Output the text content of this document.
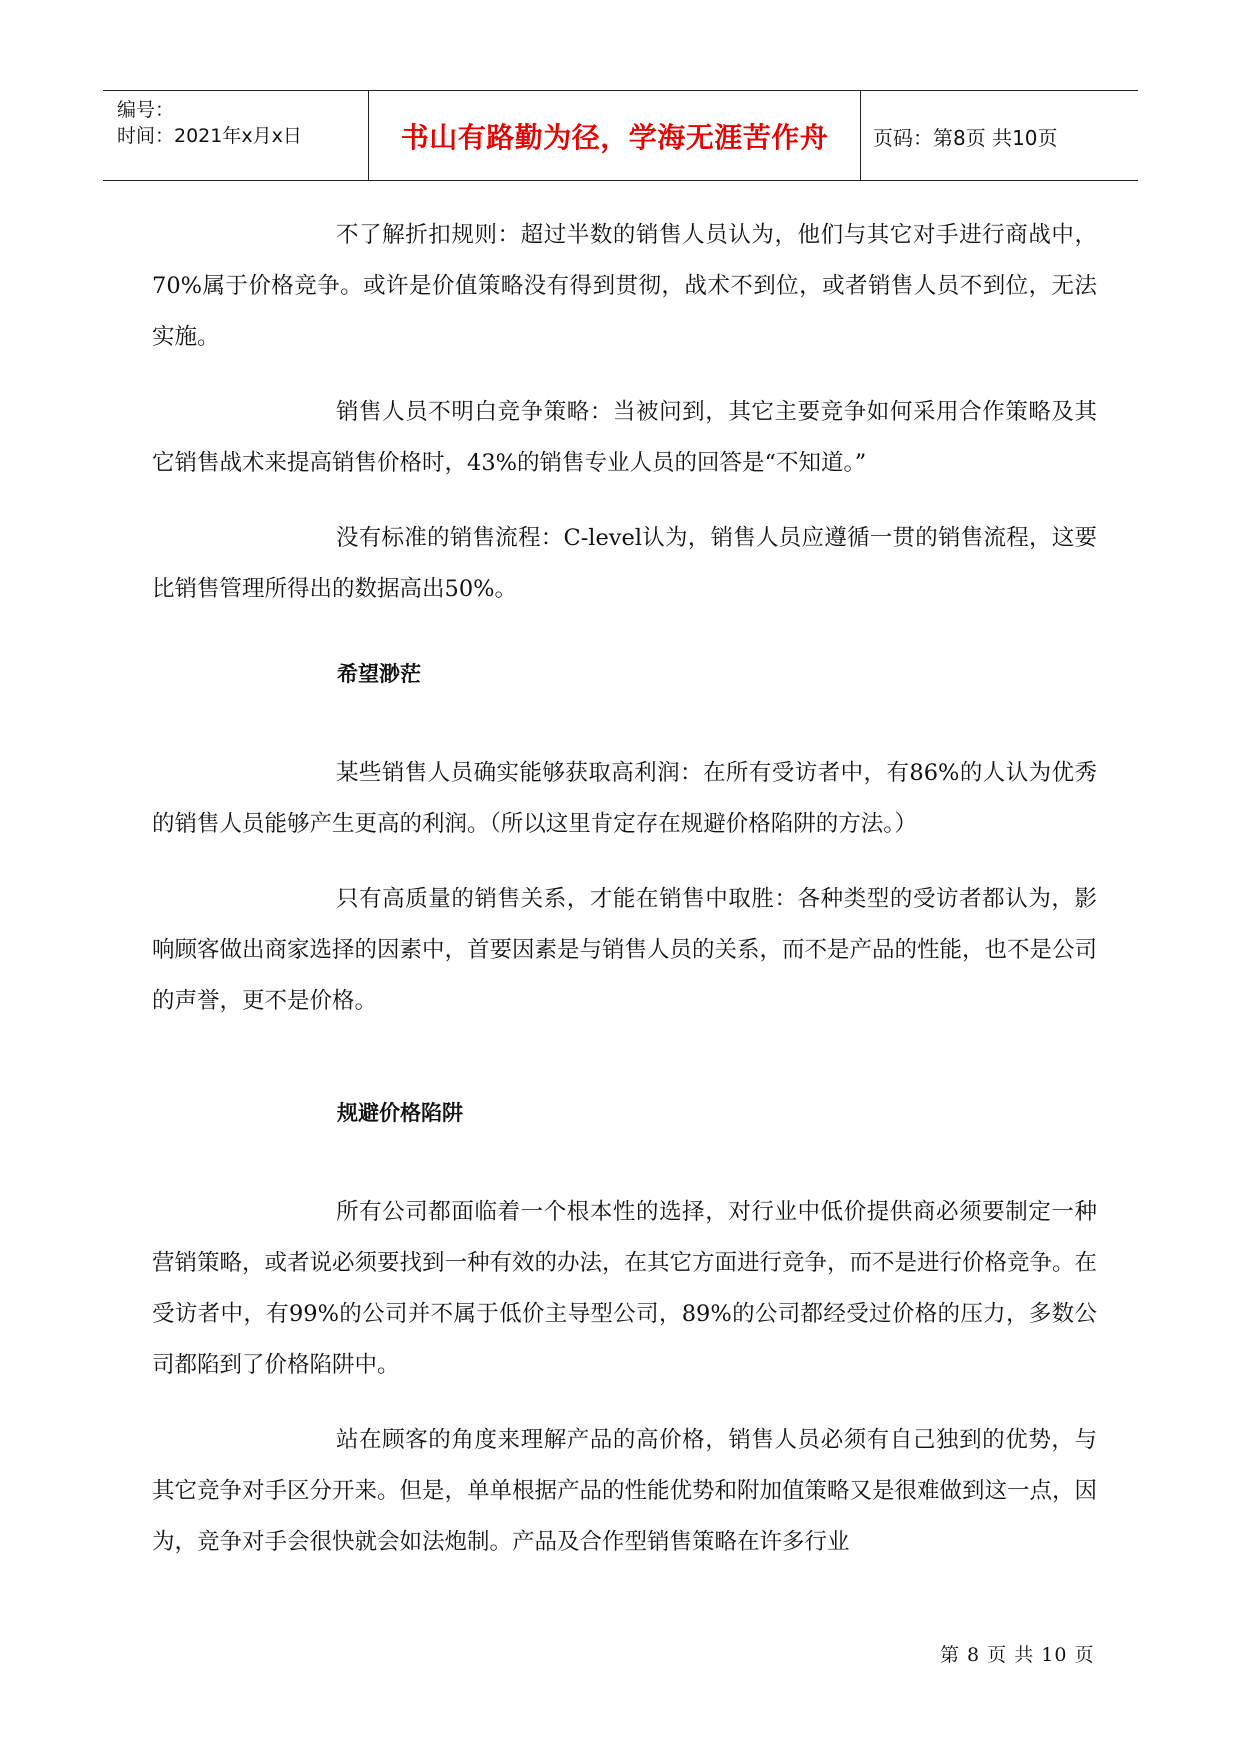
编号：
时间：2021年x月x日	书山有路勤为径，学海无涯苦作舟	页码：第8页 共10页

不了解折扣规则：超过半数的销售人员认为，他们与其它对手进行商战中，70%属于价格竞争。或许是价值策略没有得到贯彻，战术不到位，或者销售人员不到位，无法实施。

销售人员不明白竞争策略：当被问到，其它主要竞争如何采用合作策略及其它销售战术来提高销售价格时，43%的销售专业人员的回答是“不知道。”

没有标准的销售流程：C-level认为，销售人员应遵循一贯的销售流程，这要比销售管理所得出的数据高出50%。

希望渺茫

某些销售人员确实能够获取高利润：在所有受访者中，有86%的人认为优秀的销售人员能够产生更高的利润。（所以这里肯定存在规避价格陷阱的方法。）

只有高质量的销售关系，才能在销售中取胜：各种类型的受访者都认为，影响顾客做出商家选择的因素中，首要因素是与销售人员的关系，而不是产品的性能，也不是公司的声誉，更不是价格。

规避价格陷阱

所有公司都面临着一个根本性的选择，对行业中低价提供商必须要制定一种营销策略，或者说必须要找到一种有效的办法，在其它方面进行竞争，而不是进行价格竞争。在受访者中，有99%的公司并不属于低价主导型公司，89%的公司都经受过价格的压力，多数公司都陷到了价格陷阱中。

站在顾客的角度来理解产品的高价格，销售人员必须有自己独到的优势，与其它竞争对手区分开来。但是，单单根据产品的性能优势和附加值策略又是很难做到这一点，因为，竞争对手会很快就会如法炮制。产品及合作型销售策略在许多行业

第 8 页 共 10 页
